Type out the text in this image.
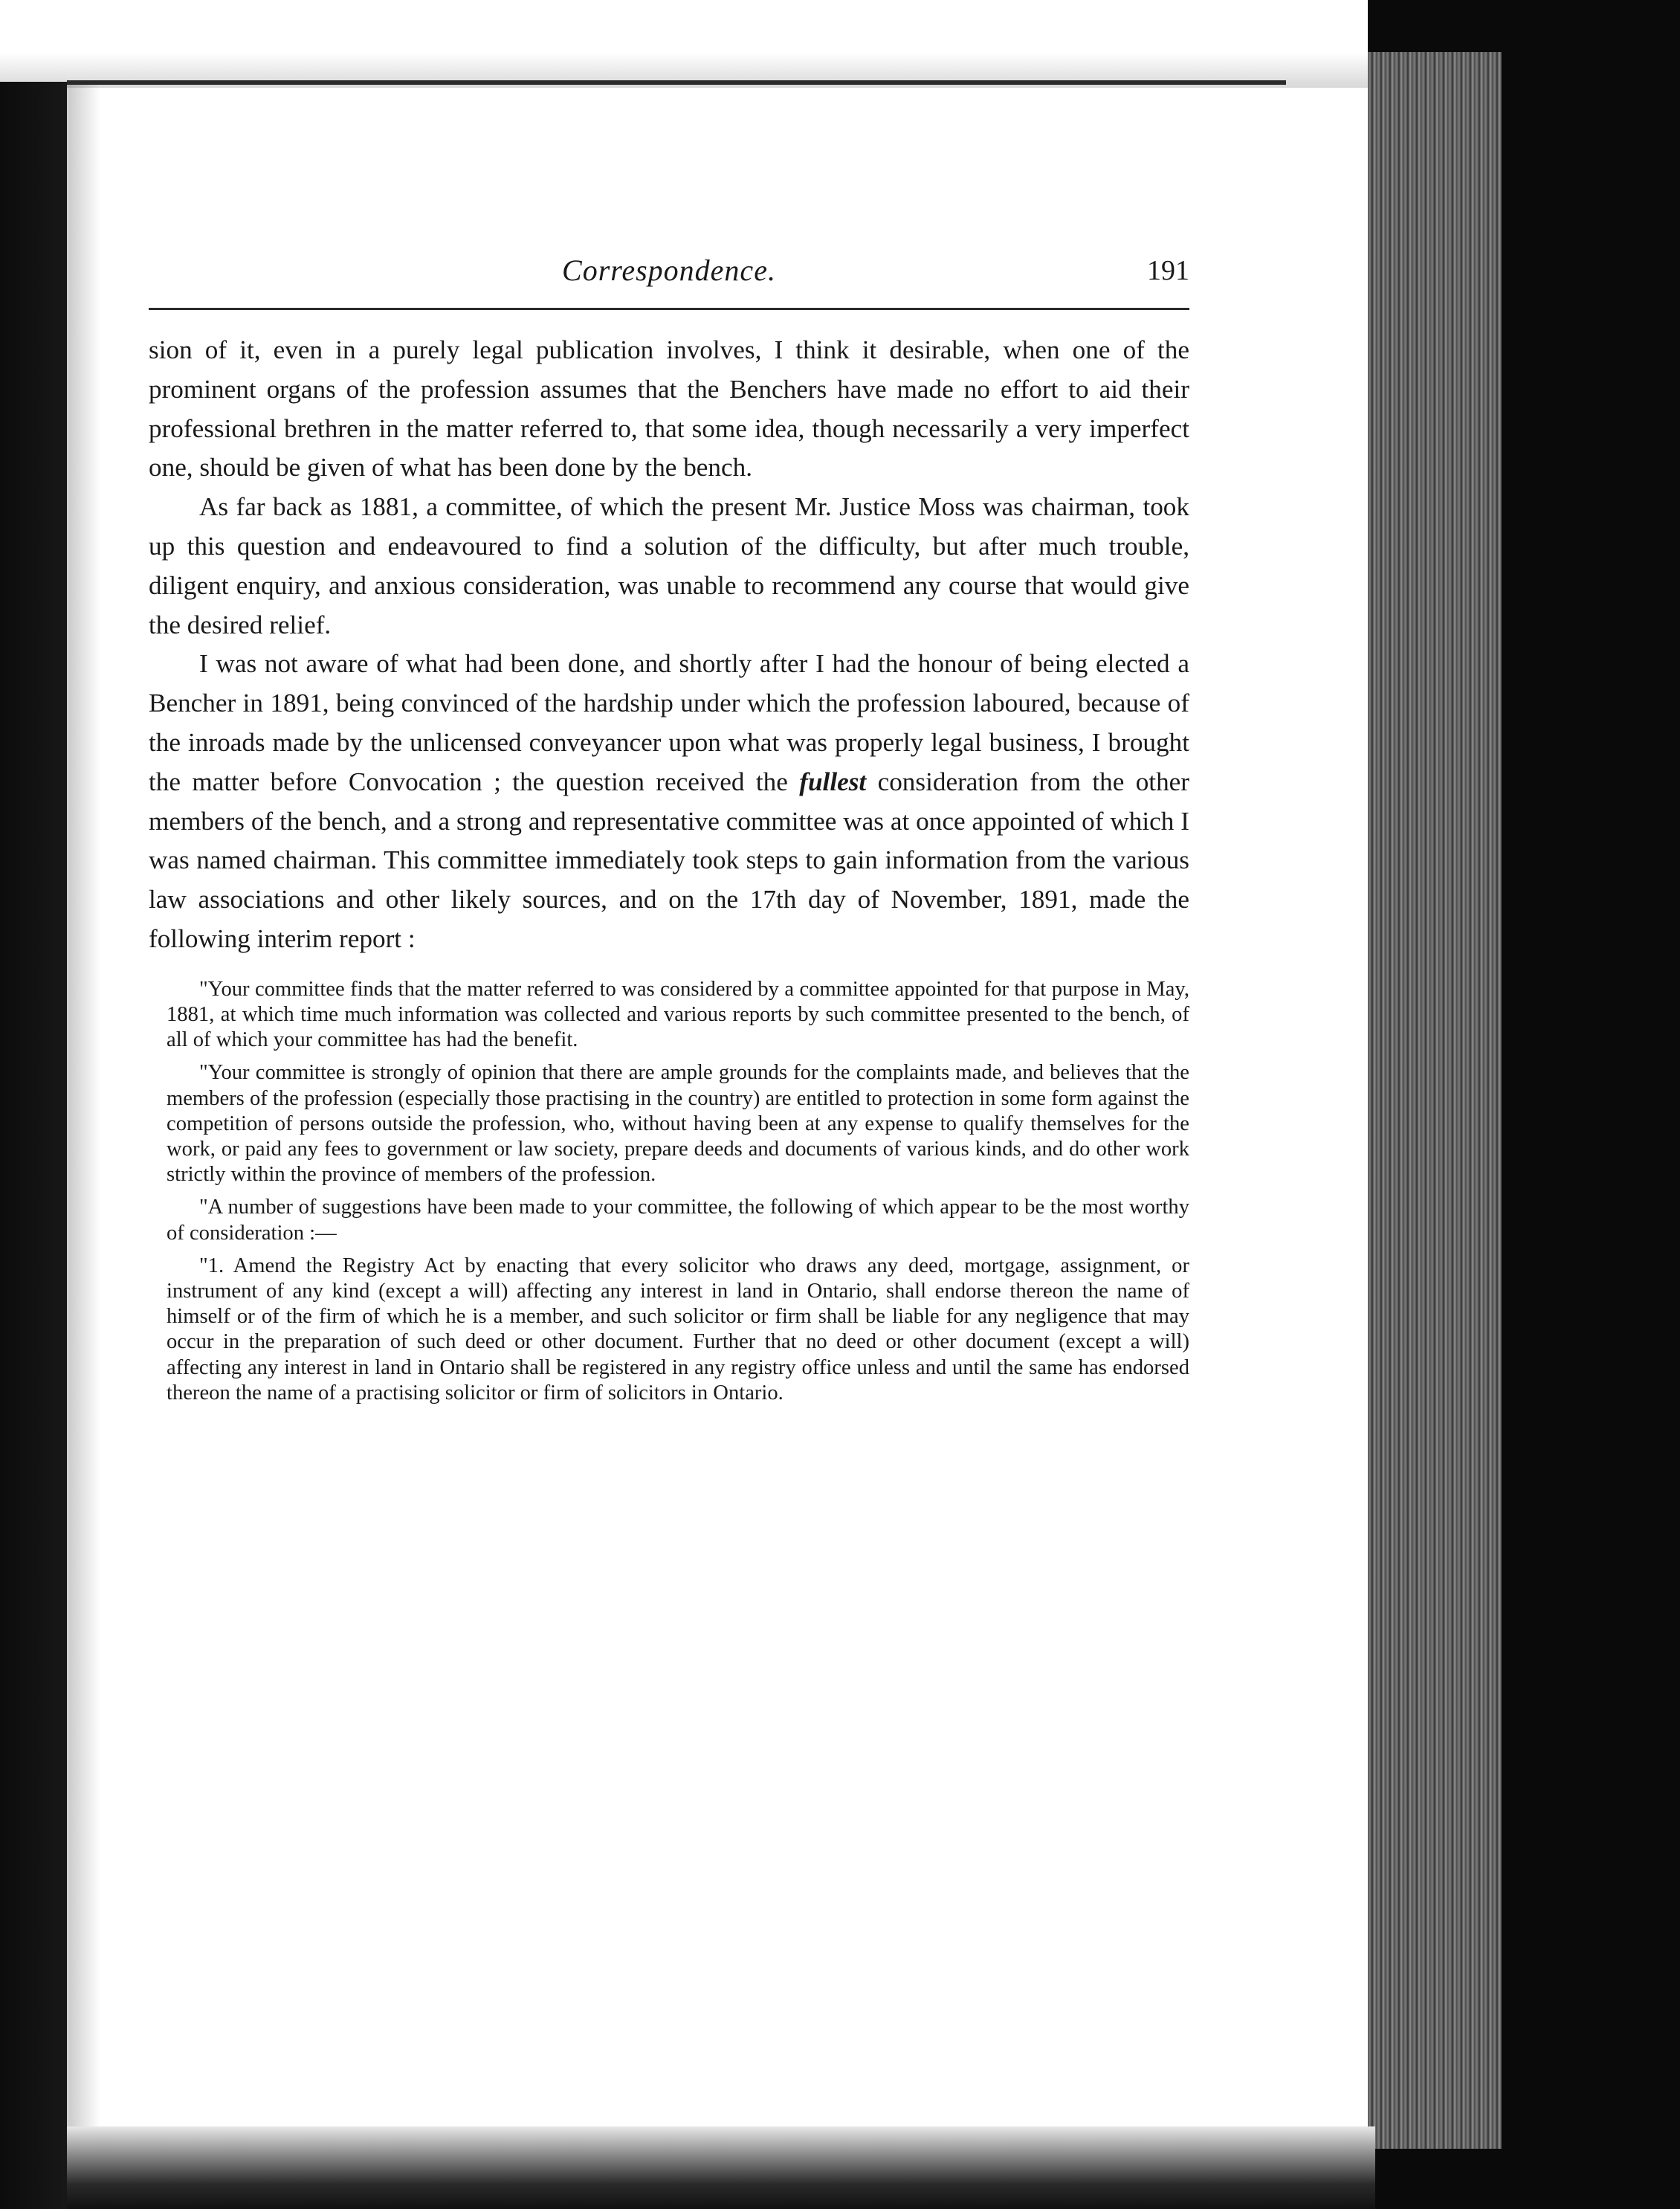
Correspondence.	191

sion of it, even in a purely legal publication involves, I think it desirable, when one of the prominent organs of the profession assumes that the Benchers have made no effort to aid their professional brethren in the matter referred to, that some idea, though necessarily a very imperfect one, should be given of what has been done by the bench.

As far back as 1881, a committee, of which the present Mr. Justice Moss was chairman, took up this question and endeavoured to find a solution of the difficulty, but after much trouble, diligent enquiry, and anxious consideration, was unable to recommend any course that would give the desired relief.

I was not aware of what had been done, and shortly after I had the honour of being elected a Bencher in 1891, being convinced of the hardship under which the profession laboured, because of the inroads made by the unlicensed conveyancer upon what was properly legal business, I brought the matter before Convocation ; the question received the fullest consideration from the other members of the bench, and a strong and representative committee was at once appointed of which I was named chairman. This committee immediately took steps to gain information from the various law associations and other likely sources, and on the 17th day of November, 1891, made the following interim report :

"Your committee finds that the matter referred to was considered by a committee appointed for that purpose in May, 1881, at which time much information was collected and various reports by such committee presented to the bench, of all of which your committee has had the benefit.

"Your committee is strongly of opinion that there are ample grounds for the complaints made, and believes that the members of the profession (especially those practising in the country) are entitled to protection in some form against the competition of persons outside the profession, who, without having been at any expense to qualify themselves for the work, or paid any fees to government or law society, prepare deeds and documents of various kinds, and do other work strictly within the province of members of the profession.

"A number of suggestions have been made to your committee, the following of which appear to be the most worthy of consideration :—

"1. Amend the Registry Act by enacting that every solicitor who draws any deed, mortgage, assignment, or instrument of any kind (except a will) affecting any interest in land in Ontario, shall endorse thereon the name of himself or of the firm of which he is a member, and such solicitor or firm shall be liable for any negligence that may occur in the preparation of such deed or other document. Further that no deed or other document (except a will) affecting any interest in land in Ontario shall be registered in any registry office unless and until the same has endorsed thereon the name of a practising solicitor or firm of solicitors in Ontario.
